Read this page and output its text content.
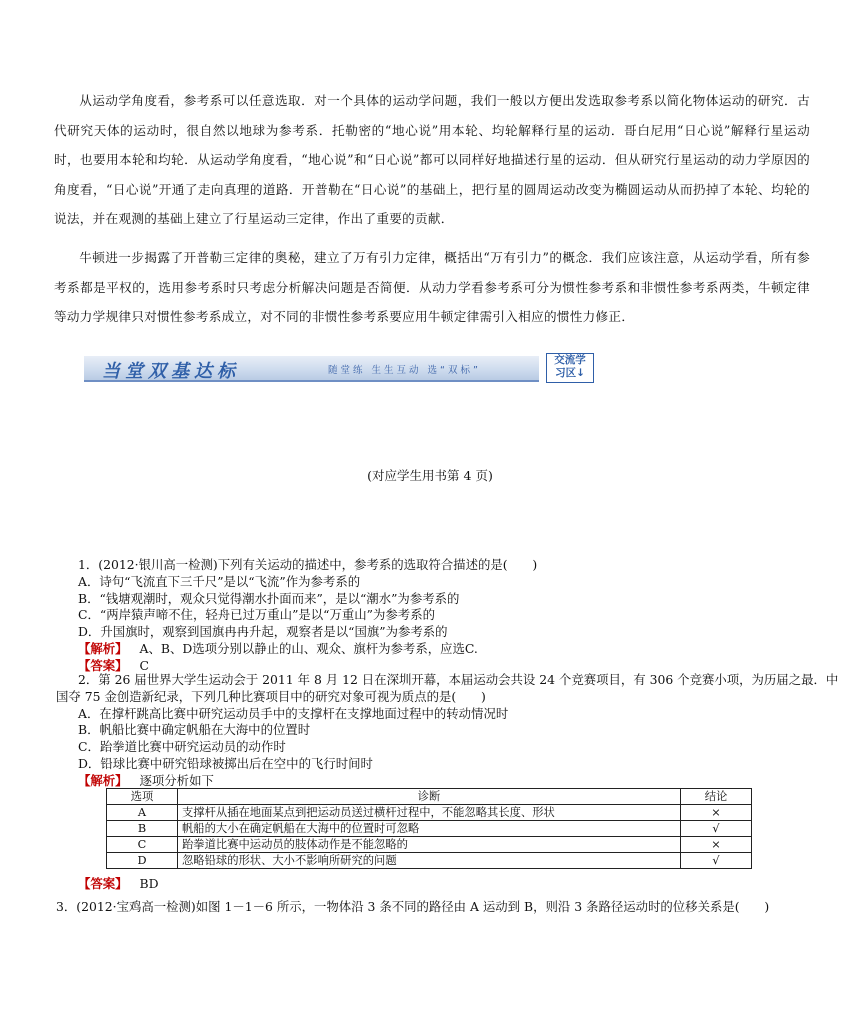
从运动学角度看，参考系可以任意选取．对一个具体的运动学问题，我们一般以方便出发选取参考系以简化物体运动的研究．古代研究天体的运动时，很自然以地球为参考系．托勒密的“地心说”用本轮、均轮解释行星的运动．哥白尼用“日心说”解释行星运动时，也要用本轮和均轮．从运动学角度看，“地心说”和“日心说”都可以同样好地描述行星的运动．但从研究行星运动的动力学原因的角度看，“日心说”开通了走向真理的道路．开普勒在“日心说”的基础上，把行星的圆周运动改变为椭圆运动从而扔掉了本轮、均轮的说法，并在观测的基础上建立了行星运动三定律，作出了重要的贡献．
牛顿进一步揭露了开普勒三定律的奥秘，建立了万有引力定律，概括出“万有引力”的概念．我们应该注意，从运动学看，所有参考系都是平权的，选用参考系时只考虑分析解决问题是否简便．从动力学看参考系可分为惯性参考系和非惯性参考系两类，牛顿定律等动力学规律只对惯性参考系成立，对不同的非惯性参考系要应用牛顿定律需引入相应的惯性力修正．
当堂双基达标	随堂练 生生互动 选“双标”
交流学
习区↓
(对应学生用书第 4 页)
1．(2012·银川高一检测)下列有关运动的描述中，参考系的选取符合描述的是(　　)
A．诗句“飞流直下三千尺”是以“飞流”作为参考系的
B．“钱塘观潮时，观众只觉得潮水扑面而来”，是以“潮水”为参考系的
C．“两岸猿声啼不住，轻舟已过万重山”是以“万重山”为参考系的
D．升国旗时，观察到国旗冉冉升起，观察者是以“国旗”为参考系的
【解析】 A、B、D选项分别以静止的山、观众、旗杆为参考系，应选C.
【答案】 C
2．第 26 届世界大学生运动会于 2011 年 8 月 12 日在深圳开幕，本届运动会共设 24 个竞赛项目，有 306 个竞赛小项，为历届之最．中
国夺 75 金创造新纪录，下列几种比赛项目中的研究对象可视为质点的是(　　)
A．在撑杆跳高比赛中研究运动员手中的支撑杆在支撑地面过程中的转动情况时
B．帆船比赛中确定帆船在大海中的位置时
C．跆拳道比赛中研究运动员的动作时
D．铅球比赛中研究铅球被掷出后在空中的飞行时间时
【解析】 逐项分析如下
选项	诊断	结论
A	支撑杆从插在地面某点到把运动员送过横杆过程中，不能忽略其长度、形状	×
B	帆船的大小在确定帆船在大海中的位置时可忽略	√
C	跆拳道比赛中运动员的肢体动作是不能忽略的	×
D	忽略铅球的形状、大小不影响所研究的问题	√
【答案】 BD
3．(2012·宝鸡高一检测)如图 1－1－6 所示，一物体沿 3 条不同的路径由 A 运动到 B，则沿 3 条路径运动时的位移关系是(　　)
